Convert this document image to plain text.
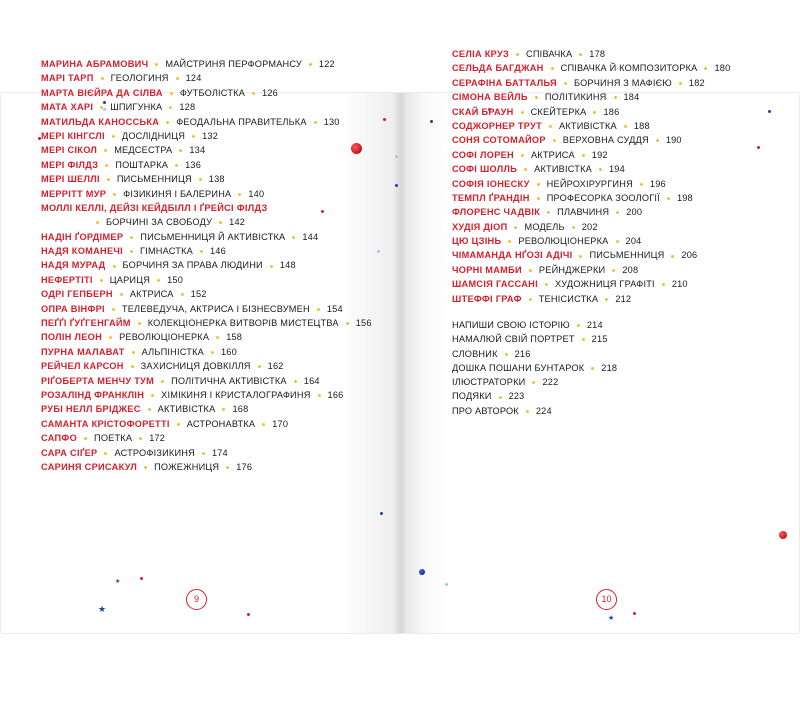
★
★
★
МАРИНА АБРАМОВИЧ МАЙСТРИНЯ ПЕРФОРМАНСУ 122
МАРІ ТАРП ГЕОЛОГИНЯ 124
МАРТА ВІЄЙРА ДА СІЛВА ФУТБОЛІСТКА 126
МАТА ХАРІ ШПИГУНКА 128
МАТИЛЬДА КАНОССЬКА ФЕОДАЛЬНА ПРАВИТЕЛЬКА 130
МЕРІ КІНГСЛІ ДОСЛІДНИЦЯ 132
МЕРІ СІКОЛ МЕДСЕСТРА 134
МЕРІ ФІЛДЗ ПОШТАРКА 136
МЕРІ ШЕЛЛІ ПИСЬМЕННИЦЯ 138
МЕРРІТТ МУР ФІЗИКИНЯ І БАЛЕРИНА 140
МОЛЛІ КЕЛЛІ, ДЕЙЗІ КЕЙДБІЛЛ І ҐРЕЙСІ ФІЛДЗ
БОРЧИНІ ЗА СВОБОДУ 142
НАДІН ҐОРДІМЕР ПИСЬМЕННИЦЯ Й АКТИВІСТКА 144
НАДЯ КОМАНЕЧІ ГІМНАСТКА 146
НАДЯ МУРАД БОРЧИНЯ ЗА ПРАВА ЛЮДИНИ 148
НЕФЕРТІТІ ЦАРИЦЯ 150
ОДРІ ГЕПБЕРН АКТРИСА 152
ОПРА ВІНФРІ ТЕЛЕВЕДУЧА, АКТРИСА І БІЗНЕСВУМЕН 154
ПЕҐҐІ ҐУҐГЕНГАЙМ КОЛЕКЦІОНЕРКА ВИТВОРІВ МИСТЕЦТВА 156
ПОЛІН ЛЕОН РЕВОЛЮЦІОНЕРКА 158
ПУРНА МАЛАВАТ АЛЬПІНІСТКА 160
РЕЙЧЕЛ КАРСОН ЗАХИСНИЦЯ ДОВКІЛЛЯ 162
РІҐОБЕРТА МЕНЧУ ТУМ ПОЛІТИЧНА АКТИВІСТКА 164
РОЗАЛІНД ФРАНКЛІН ХІМІКИНЯ І КРИСТАЛОГРАФИНЯ 166
РУБІ НЕЛЛ БРІДЖЕС АКТИВІСТКА 168
САМАНТА КРІСТОФОРЕТТІ АСТРОНАВТКА 170
САПФО ПОЕТКА 172
САРА СІҐЕР АСТРОФІЗИКИНЯ 174
САРИНЯ СРИСАКУЛ ПОЖЕЖНИЦЯ 176
СЕЛІА КРУЗ СПІВАЧКА 178
СЕЛЬДА БАГДЖАН СПІВАЧКА Й КОМПОЗИТОРКА 180
СЕРАФІНА БАТТАЛЬЯ БОРЧИНЯ З МАФІЄЮ 182
СІМОНА ВЕЙЛЬ ПОЛІТИКИНЯ 184
СКАЙ БРАУН СКЕЙТЕРКА 186
СОДЖОРНЕР ТРУТ АКТИВІСТКА 188
СОНЯ СОТОМАЙОР ВЕРХОВНА СУДДЯ 190
СОФІ ЛОРЕН АКТРИСА 192
СОФІ ШОЛЛЬ АКТИВІСТКА 194
СОФІЯ ІОНЕСКУ НЕЙРОХІРУРГИНЯ 196
ТЕМПЛ ҐРАНДІН ПРОФЕСОРКА ЗООЛОГІЇ 198
ФЛОРЕНС ЧАДВІК ПЛАВЧИНЯ 200
ХУДІЯ ДІОП МОДЕЛЬ 202
ЦЮ ЦЗІНЬ РЕВОЛЮЦІОНЕРКА 204
ЧІМАМАНДА НҐОЗІ АДІЧІ ПИСЬМЕННИЦЯ 206
ЧОРНІ МАМБИ РЕЙНДЖЕРКИ 208
ШАМСІЯ ГАССАНІ ХУДОЖНИЦЯ ГРАФІТІ 210
ШТЕФФІ ГРАФ ТЕНІСИСТКА 212
НАПИШИ СВОЮ ІСТОРІЮ 214
НАМАЛЮЙ СВІЙ ПОРТРЕТ 215
СЛОВНИК 216
ДОШКА ПОШАНИ БУНТАРОК 218
ІЛЮСТРАТОРКИ 222
ПОДЯКИ 223
ПРО АВТОРОК 224
9	10
